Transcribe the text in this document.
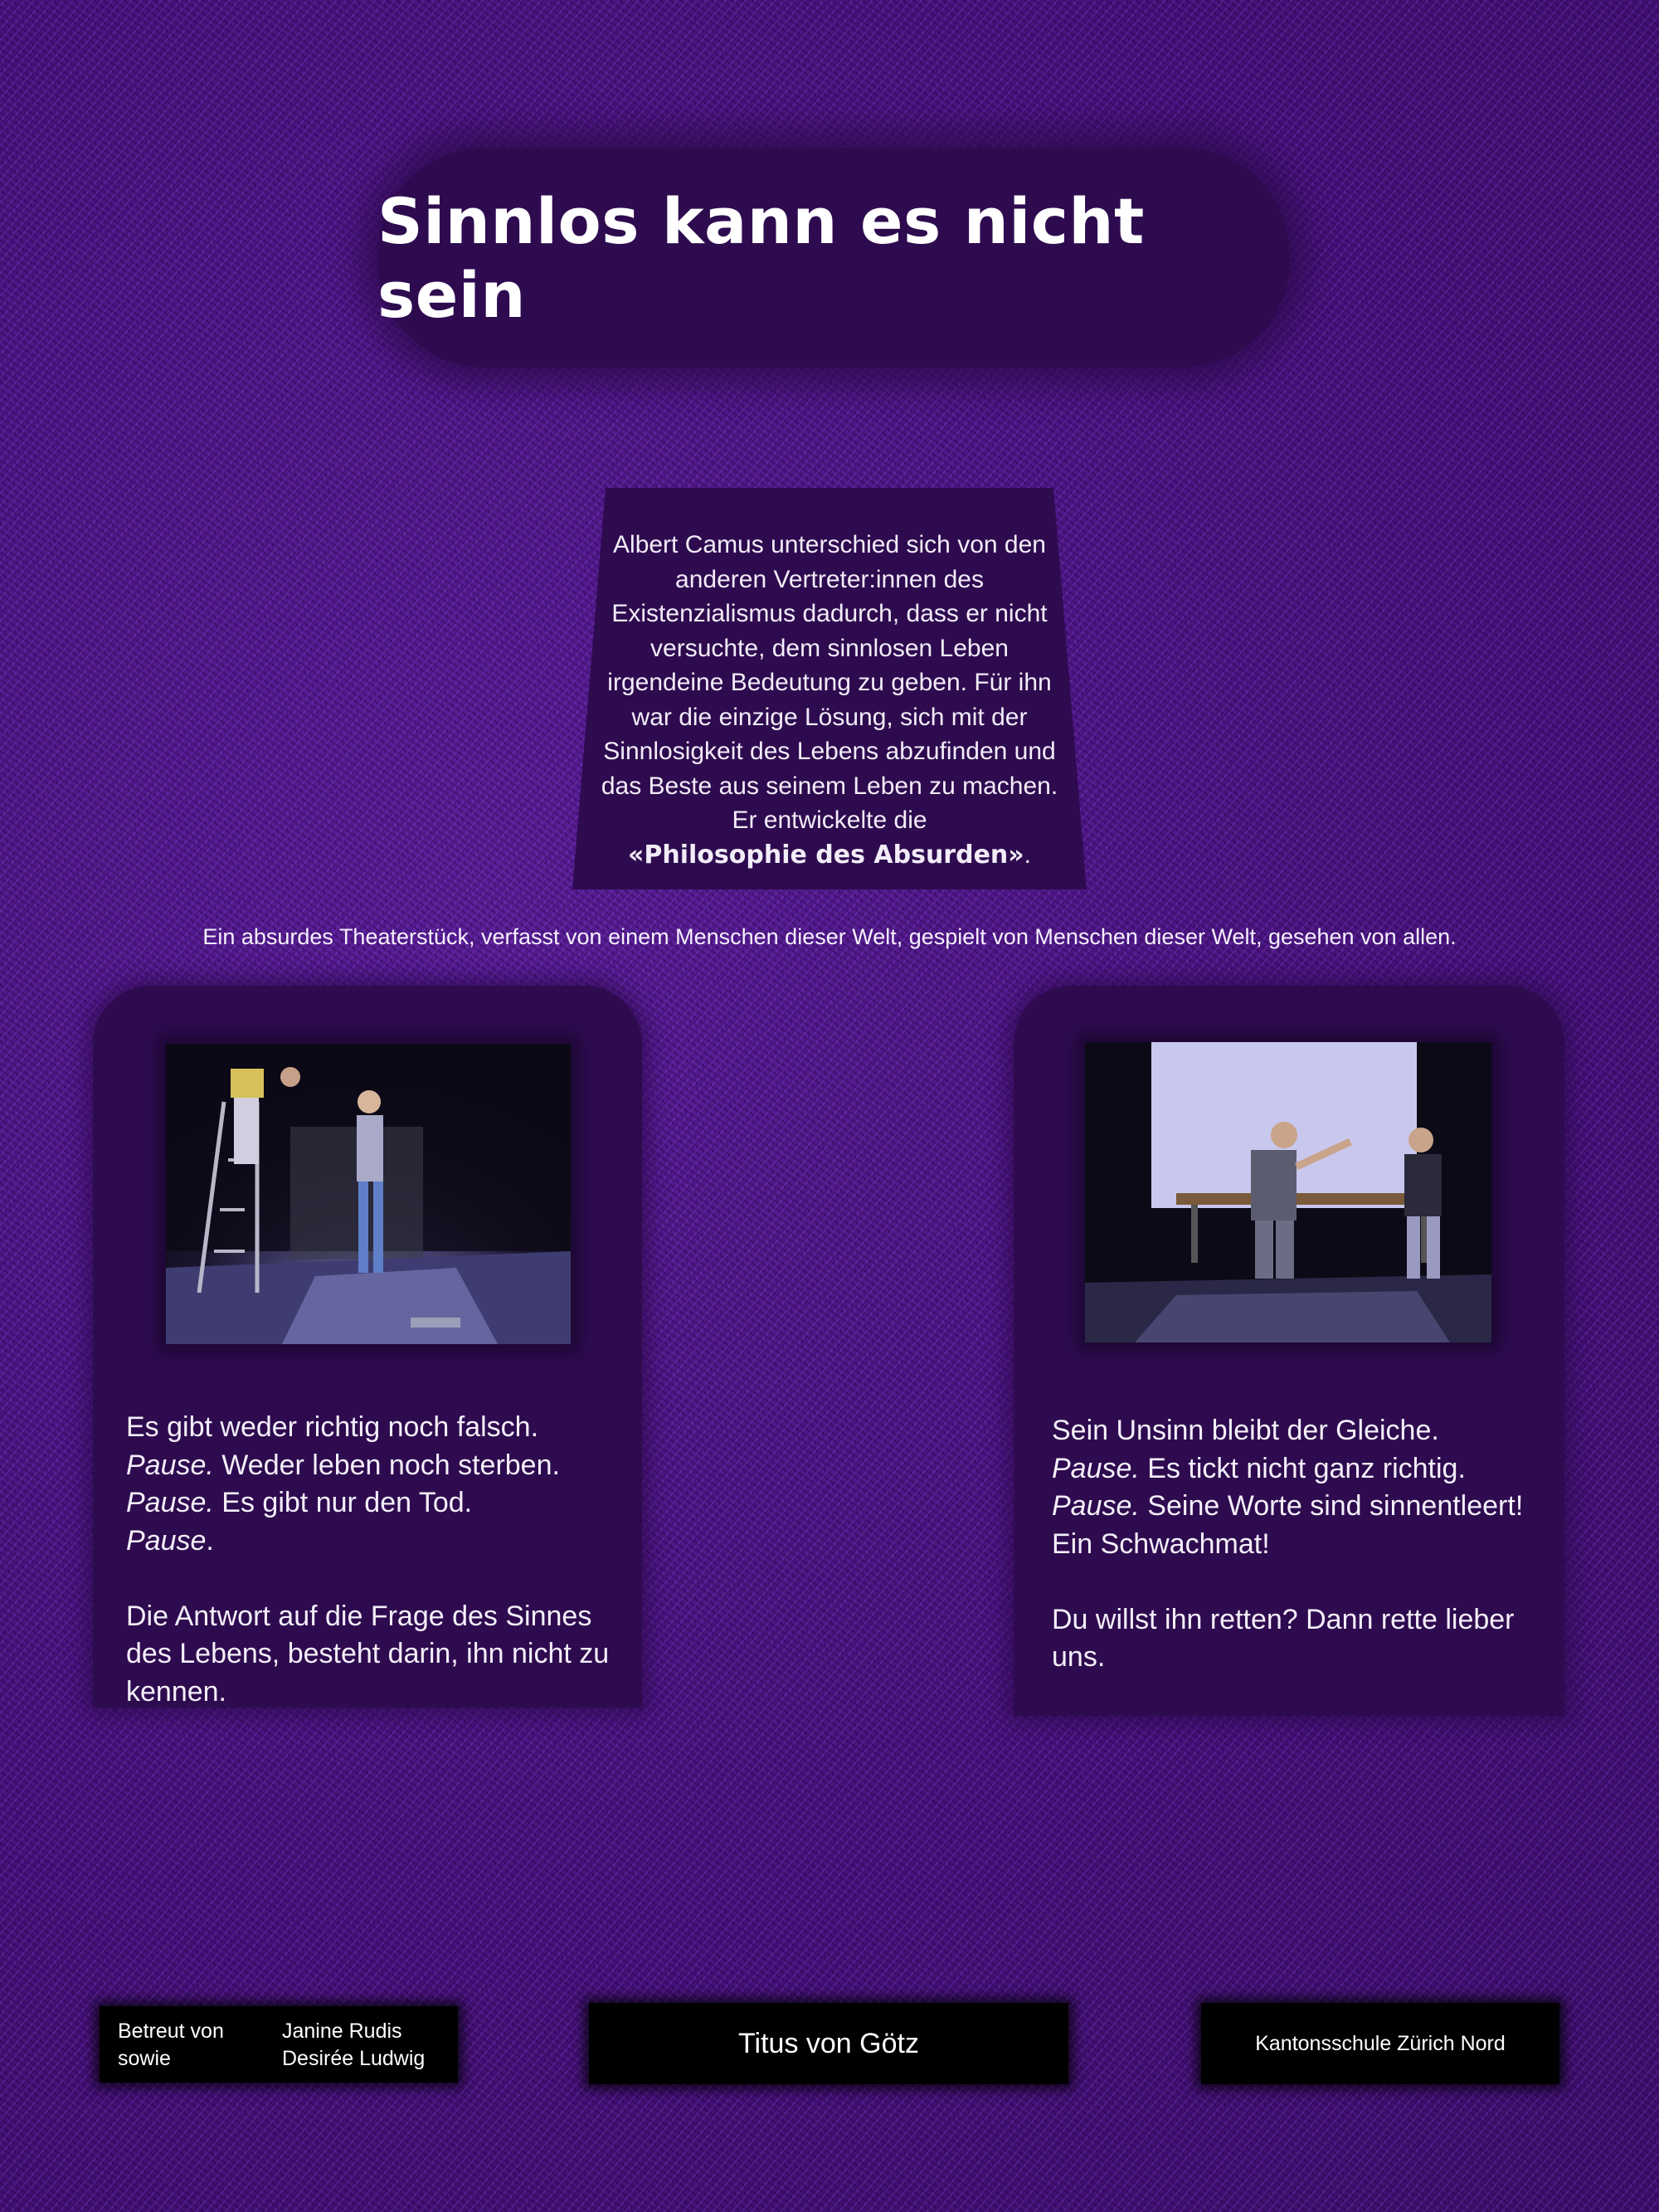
Sinnlos kann es nicht sein
Albert Camus unterschied sich von den
anderen Vertreter:innen des
Existenzialismus dadurch, dass er nicht
versuchte, dem sinnlosen Leben
irgendeine Bedeutung zu geben. Für ihn
war die einzige Lösung, sich mit der
Sinnlosigkeit des Lebens abzufinden und
das Beste aus seinem Leben zu machen.
Er entwickelte die
«Philosophie des Absurden».
Ein absurdes Theaterstück, verfasst von einem Menschen dieser Welt, gespielt von Menschen dieser Welt, gesehen von allen.
Es gibt weder richtig noch falsch.
Pause. Weder leben noch sterben.
Pause. Es gibt nur den Tod.
Pause.
Die Antwort auf die Frage des Sinnes
des Lebens, besteht darin, ihn nicht zu
kennen.
Sein Unsinn bleibt der Gleiche.
Pause. Es tickt nicht ganz richtig.
Pause. Seine Worte sind sinnentleert!
Ein Schwachmat!
Du willst ihn retten? Dann rette lieber
uns.
Betreut von
sowie
Janine Rudis
Desirée Ludwig	Titus von Götz	Kantonsschule Zürich Nord
